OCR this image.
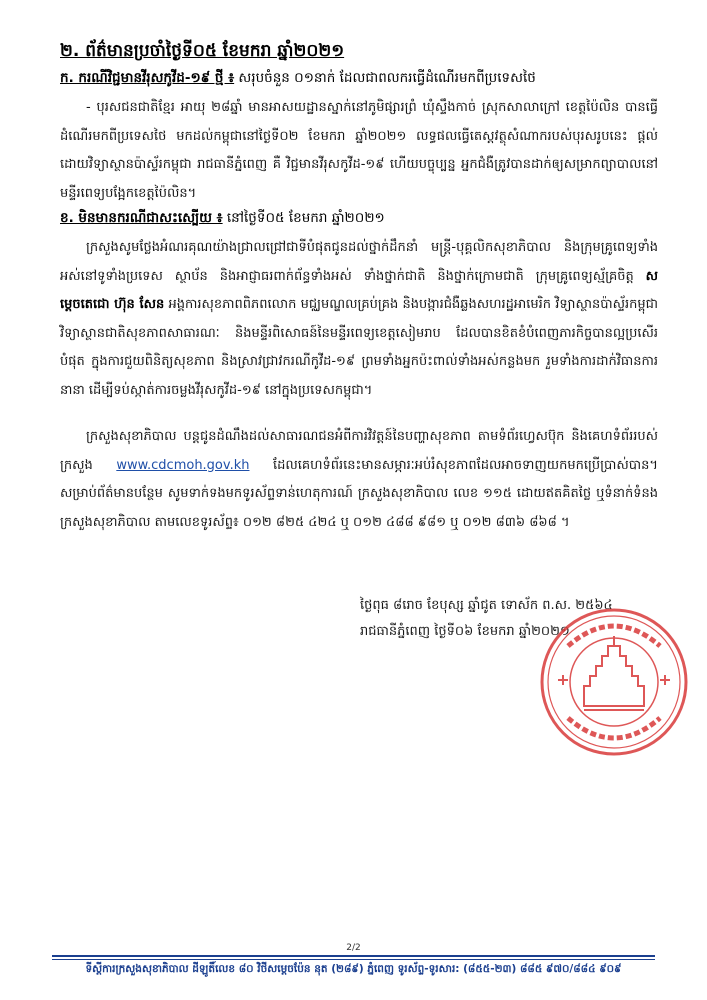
២. ព័ត៌មានប្រចាំថ្ងៃទី០៥ ខែមករា ឆ្នាំ២០២១
ក. ករណីវិជ្ជមានវីរុសកូវីដ-១៩ ថ្មី ៖ សរុបចំនួន ០១នាក់ ដែលជាពលករធ្វើដំណើរមកពីប្រទេសថៃ
- បុរសជនជាតិខ្មែរ អាយុ ២៨ឆ្នាំ មានអាសយដ្ឋានស្នាក់នៅភូមិផ្សារព្រំ ឃុំស្ទឹងកាច់ ស្រុកសាលាក្រៅ ខេត្តប៉ៃលិន បានធ្វើដំណើរមកពីប្រទេសថៃ មកដល់កម្ពុជានៅថ្ងៃទី០២ ខែមករា ឆ្នាំ២០២១ លទ្ធផលធ្វើតេស្តវត្ថុសំណាករបស់បុរសរូបនេះ ផ្តល់ដោយវិទ្យាស្ថានប៉ាស្ទ័រកម្ពុជា រាជធានីភ្នំពេញ គឺ វិជ្ជមានវីរុសកូវីដ-១៩ ហើយបច្ចុប្បន្ន អ្នកជំងឺត្រូវបានដាក់ឲ្យសម្រាកព្យាបាលនៅមន្ទីរពេទ្យបង្អែកខេត្តប៉ៃលិន។
ខ. មិនមានករណីជាសះស្បើយ ៖ នៅថ្ងៃទី០៥ ខែមករា ឆ្នាំ២០២១
ក្រសួងសូមថ្លែងអំណរគុណយ៉ាងជ្រាលជ្រៅជាទីបំផុតជូនដល់ថ្នាក់ដឹកនាំ មន្ត្រី-បុគ្គលិកសុខាភិបាល និងក្រុមគ្រូពេទ្យទាំងអស់នៅទូទាំងប្រទេស ស្ថាប័ន និងអាជ្ញាធរពាក់ព័ន្ធទាំងអស់ ទាំងថ្នាក់ជាតិ និងថ្នាក់ក្រោមជាតិ ក្រុមគ្រូពេទ្យស្ម័គ្រចិត្ត សម្តេចតេជោ ហ៊ុន សែន អង្គការសុខភាពពិភពលោក មជ្ឈមណ្ឌលគ្រប់គ្រង និងបង្ការជំងឺឆ្លងសហរដ្ឋអាមេរិក វិទ្យាស្ថានប៉ាស្ទ័រកម្ពុជា វិទ្យាស្ថានជាតិសុខភាពសាធារណៈ និងមន្ទីរពិសោធន៍នៃមន្ទីរពេទ្យខេត្តសៀមរាប ដែលបានខិតខំបំពេញភារកិច្ចបានល្អប្រសើរបំផុត ក្នុងការជួយពិនិត្យសុខភាព និងស្រាវជ្រាវករណីកូវីដ-១៩ ព្រមទាំងអ្នកប៉ះពាល់ទាំងអស់កន្លងមក រួមទាំងការដាក់វិធានការនានា ដើម្បីទប់ស្កាត់ការចម្លងវីរុសកូវីដ-១៩ នៅក្នុងប្រទេសកម្ពុជា។
ក្រសួងសុខាភិបាល បន្តជូនដំណឹងដល់សាធារណជនអំពីការវិវត្តន៍នៃបញ្ហាសុខភាព តាមទំព័រហ្វេសប៊ុក និងគេហទំព័ររបស់ក្រសួង www.cdcmoh.gov.kh ដែលគេហទំព័រនេះមានសម្ភារៈអប់រំសុខភាពដែលអាចទាញយកមកប្រើប្រាស់បាន។ សម្រាប់ព័ត៌មានបន្ថែម សូមទាក់ទងមកទូរស័ព្ទទាន់ហេតុការណ៍ ក្រសួងសុខាភិបាល លេខ ១១៥ ដោយឥតគិតថ្លៃ ឬទំនាក់ទំនងក្រសួងសុខាភិបាល តាមលេខទូរស័ព្ទ៖ ០១២ ៨២៥ ៤២៤ ឬ ០១២ ៤៨៨ ៩៨១ ឬ ០១២ ៨៣៦ ៨៦៨ ។
ថ្ងៃពុធ ៨រោច ខែបុស្ស ឆ្នាំជូត ទោស័ក ព.ស. ២៥៦៤
រាជធានីភ្នំពេញ ថ្ងៃទី០៦ ខែមករា ឆ្នាំ២០២១
2/2
ទីស្តីការក្រសួងសុខាភិបាល ដីឡូតិ៍លេខ ៨០ វិថីសម្តេចប៉ែន នុត (២៨៩) ភ្នំពេញ ទូរស័ព្ទ-ទូរសារ: (៨៥៥-២៣) ៨៨៥ ៩៧០/៨៨៤ ៩០៩
